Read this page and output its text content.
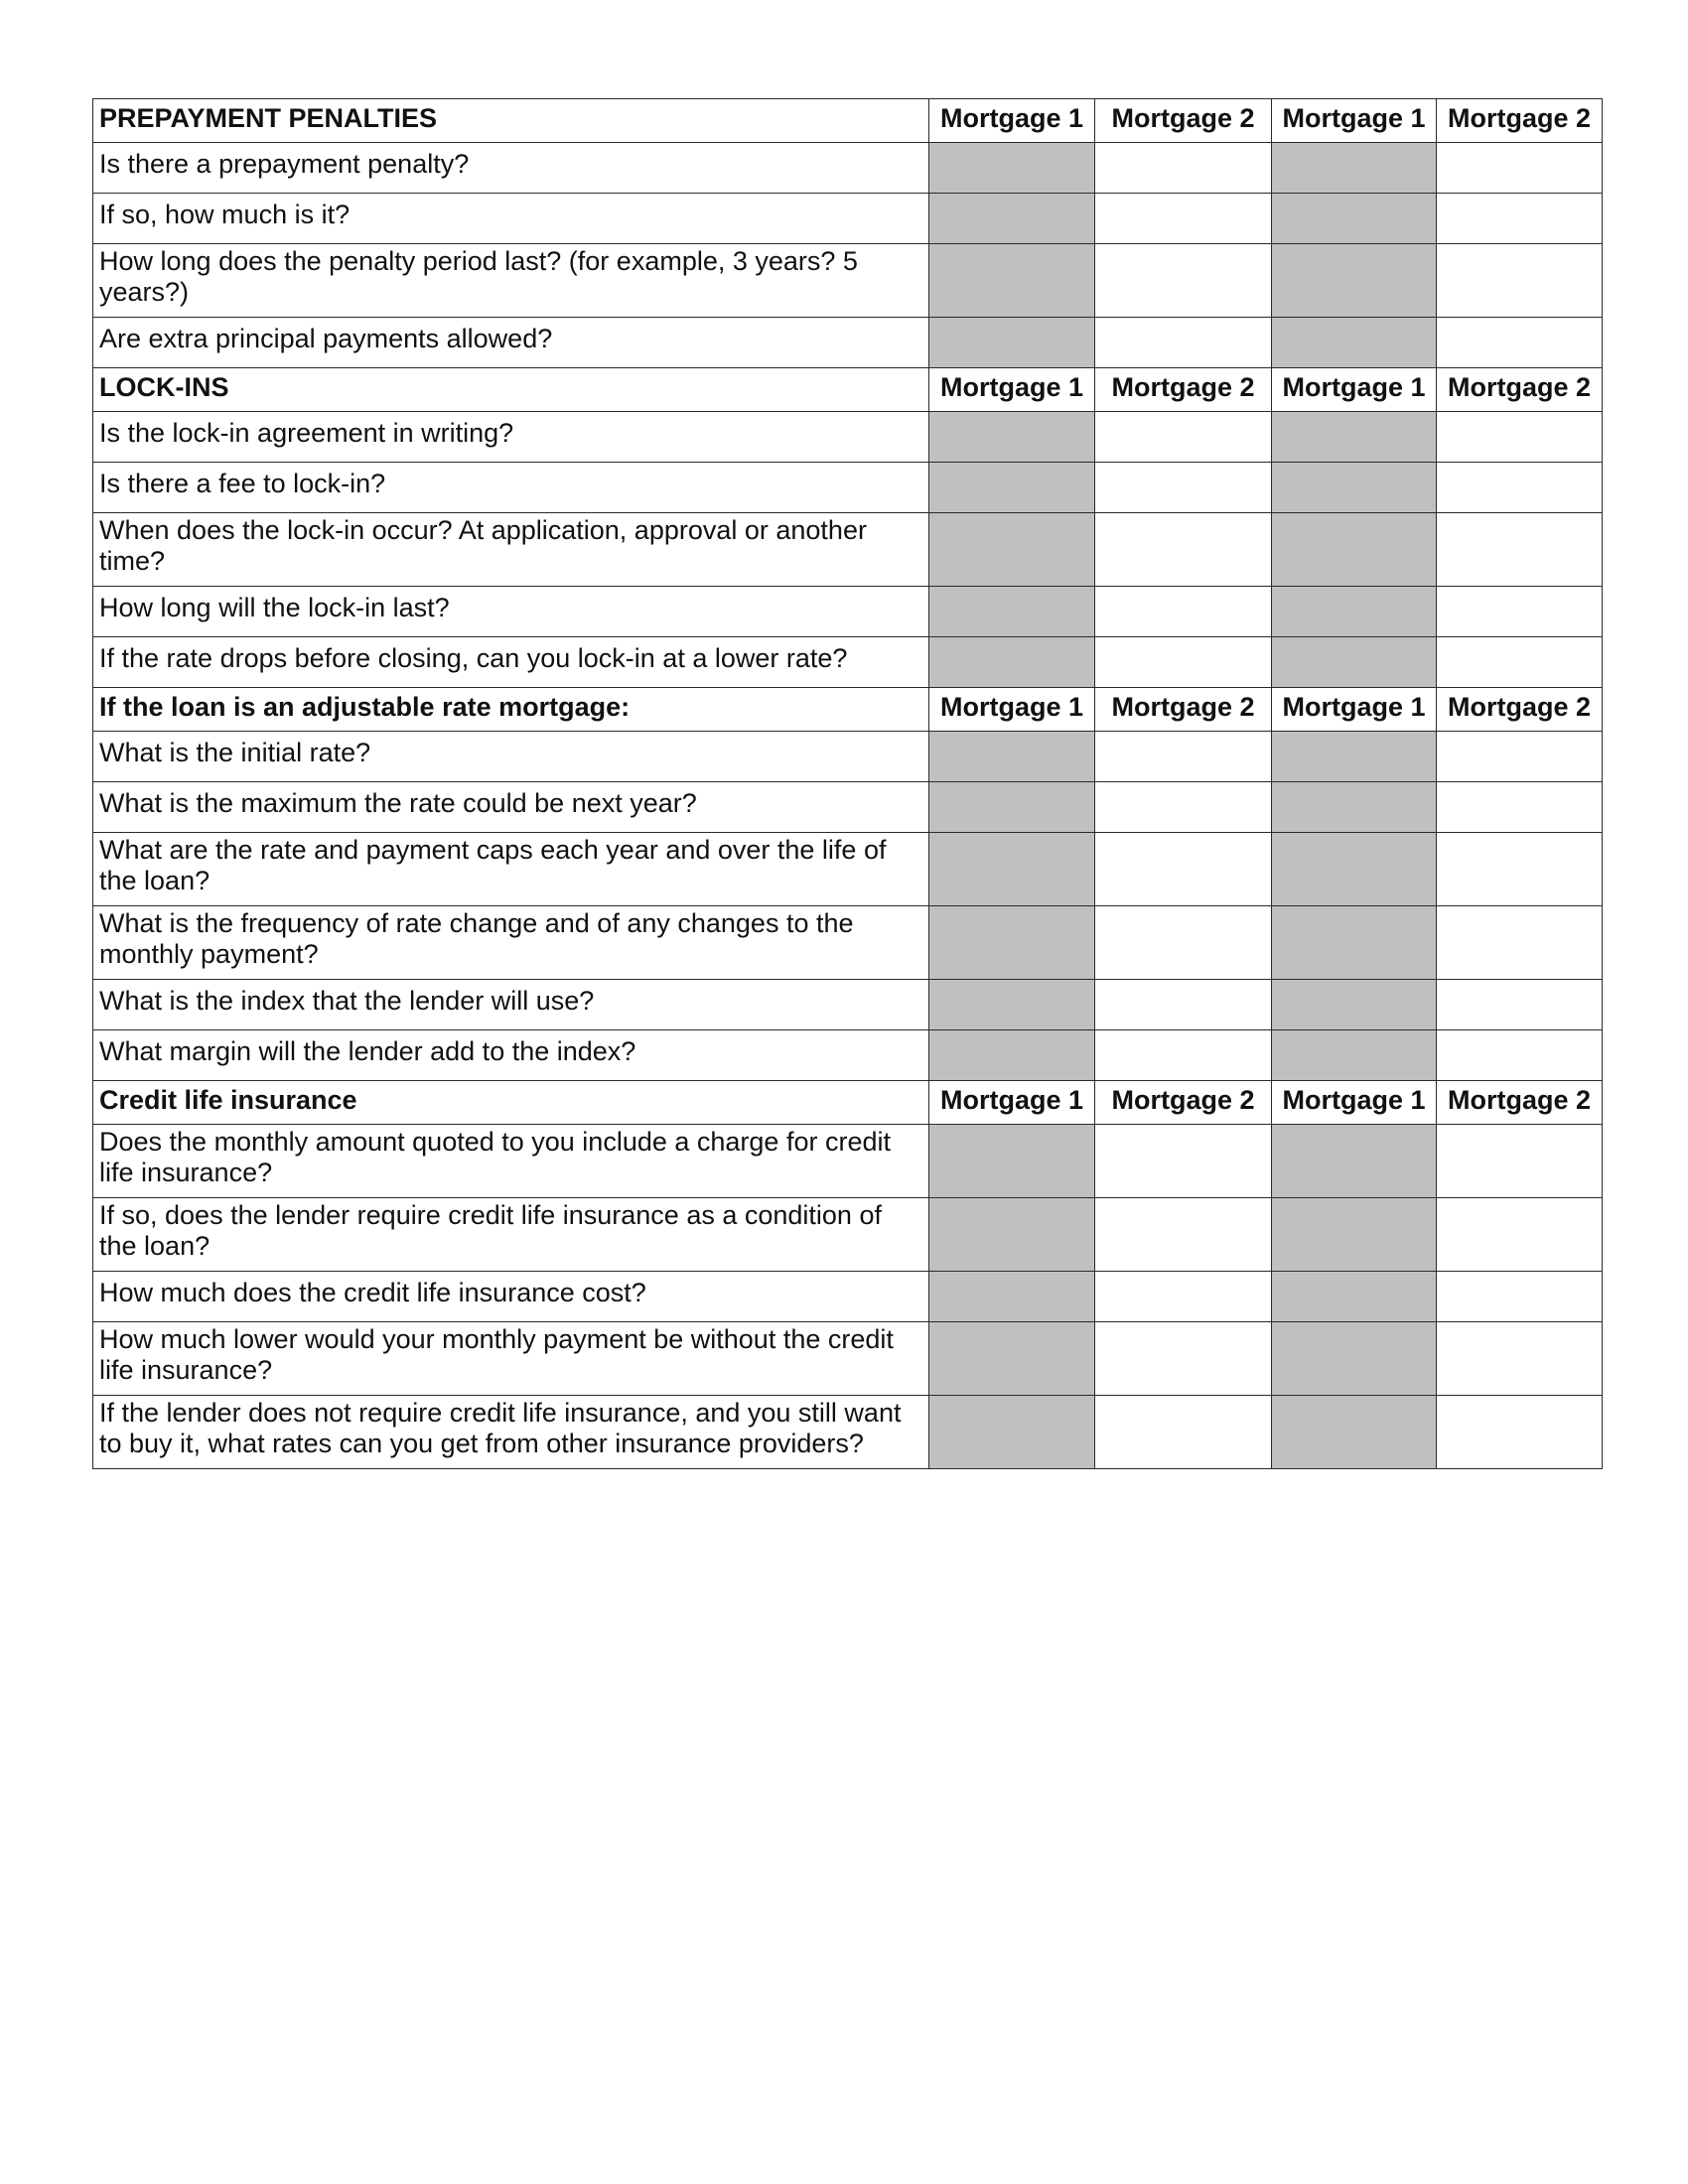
PREPAYMENT PENALTIES	Mortgage 1	Mortgage 2	Mortgage 1	Mortgage 2
Is there a prepayment penalty?				
If so, how much is it?				
How long does the penalty period last? (for example, 3 years? 5 years?)				
Are extra principal payments allowed?				
LOCK-INS	Mortgage 1	Mortgage 2	Mortgage 1	Mortgage 2
Is the lock-in agreement in writing?				
Is there a fee to lock-in?				
When does the lock-in occur? At application, approval or another time?				
How long will the lock-in last?				
If the rate drops before closing, can you lock-in at a lower rate?				
If the loan is an adjustable rate mortgage:	Mortgage 1	Mortgage 2	Mortgage 1	Mortgage 2
What is the initial rate?				
What is the maximum the rate could be next year?				
What are the rate and payment caps each year and over the life of the loan?				
What is the frequency of rate change and of any changes to the monthly payment?				
What is the index that the lender will use?				
What margin will the lender add to the index?				
Credit life insurance	Mortgage 1	Mortgage 2	Mortgage 1	Mortgage 2
Does the monthly amount quoted to you include a charge for credit life insurance?				
If so, does the lender require credit life insurance as a condition of the loan?				
How much does the credit life insurance cost?				
How much lower would your monthly payment be without the credit life insurance?				
If the lender does not require credit life insurance, and you still want to buy it, what rates can you get from other insurance providers?				
